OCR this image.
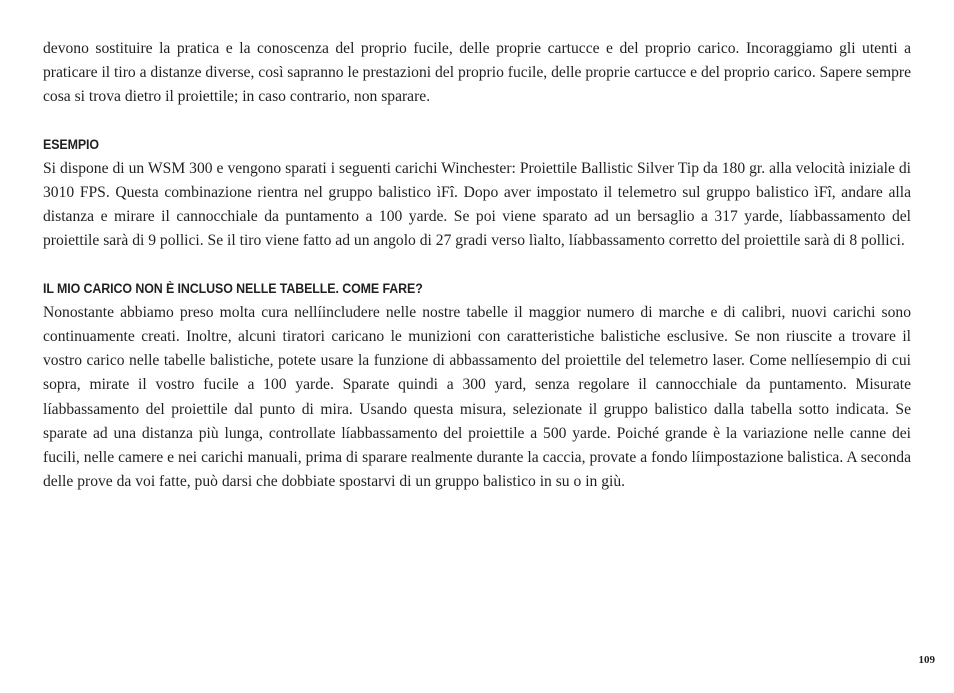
devono sostituire la pratica e la conoscenza del proprio fucile, delle proprie cartucce e del proprio carico. Incoraggiamo gli utenti a praticare il tiro a distanze diverse, così sapranno le prestazioni del proprio fucile, delle proprie cartucce e del proprio carico. Sapere sempre cosa si trova dietro il proiettile; in caso contrario, non sparare.

ESEMPIO

Si dispone di un WSM 300 e vengono sparati i seguenti carichi Winchester: Proiettile Ballistic Silver Tip da 180 gr. alla velocità iniziale di 3010 FPS. Questa combinazione rientra nel gruppo balistico ìFî. Dopo aver impostato il telemetro sul gruppo balistico ìFî, andare alla distanza e mirare il cannocchiale da puntamento a 100 yarde. Se poi viene sparato ad un bersaglio a 317 yarde, líabbassamento del proiettile sarà di 9 pollici. Se il tiro viene fatto ad un angolo di 27 gradi verso lìalto, líabbassamento corretto del proiettile sarà di 8 pollici.

IL MIO CARICO NON È INCLUSO NELLE TABELLE. COME FARE?

Nonostante abbiamo preso molta cura nellíincludere nelle nostre tabelle il maggior numero di marche e di calibri, nuovi carichi sono continuamente creati. Inoltre, alcuni tiratori caricano le munizioni con caratteristiche balistiche esclusive. Se non riuscite a trovare il vostro carico nelle tabelle balistiche, potete usare la funzione di abbassamento del proiettile del telemetro laser. Come nellíesempio di cui sopra, mirate il vostro fucile a 100 yarde. Sparate quindi a 300 yard, senza regolare il cannocchiale da puntamento. Misurate líabbassamento del proiettile dal punto di mira. Usando questa misura, selezionate il gruppo balistico dalla tabella sotto indicata. Se sparate ad una distanza più lunga, controllate líabbassamento del proiettile a 500 yarde. Poiché grande è la variazione nelle canne dei fucili, nelle camere e nei carichi manuali, prima di sparare realmente durante la caccia, provate a fondo líimpostazione balistica. A seconda delle prove da voi fatte, può darsi che dobbiate spostarvi di un gruppo balistico in su o in giù.

109
